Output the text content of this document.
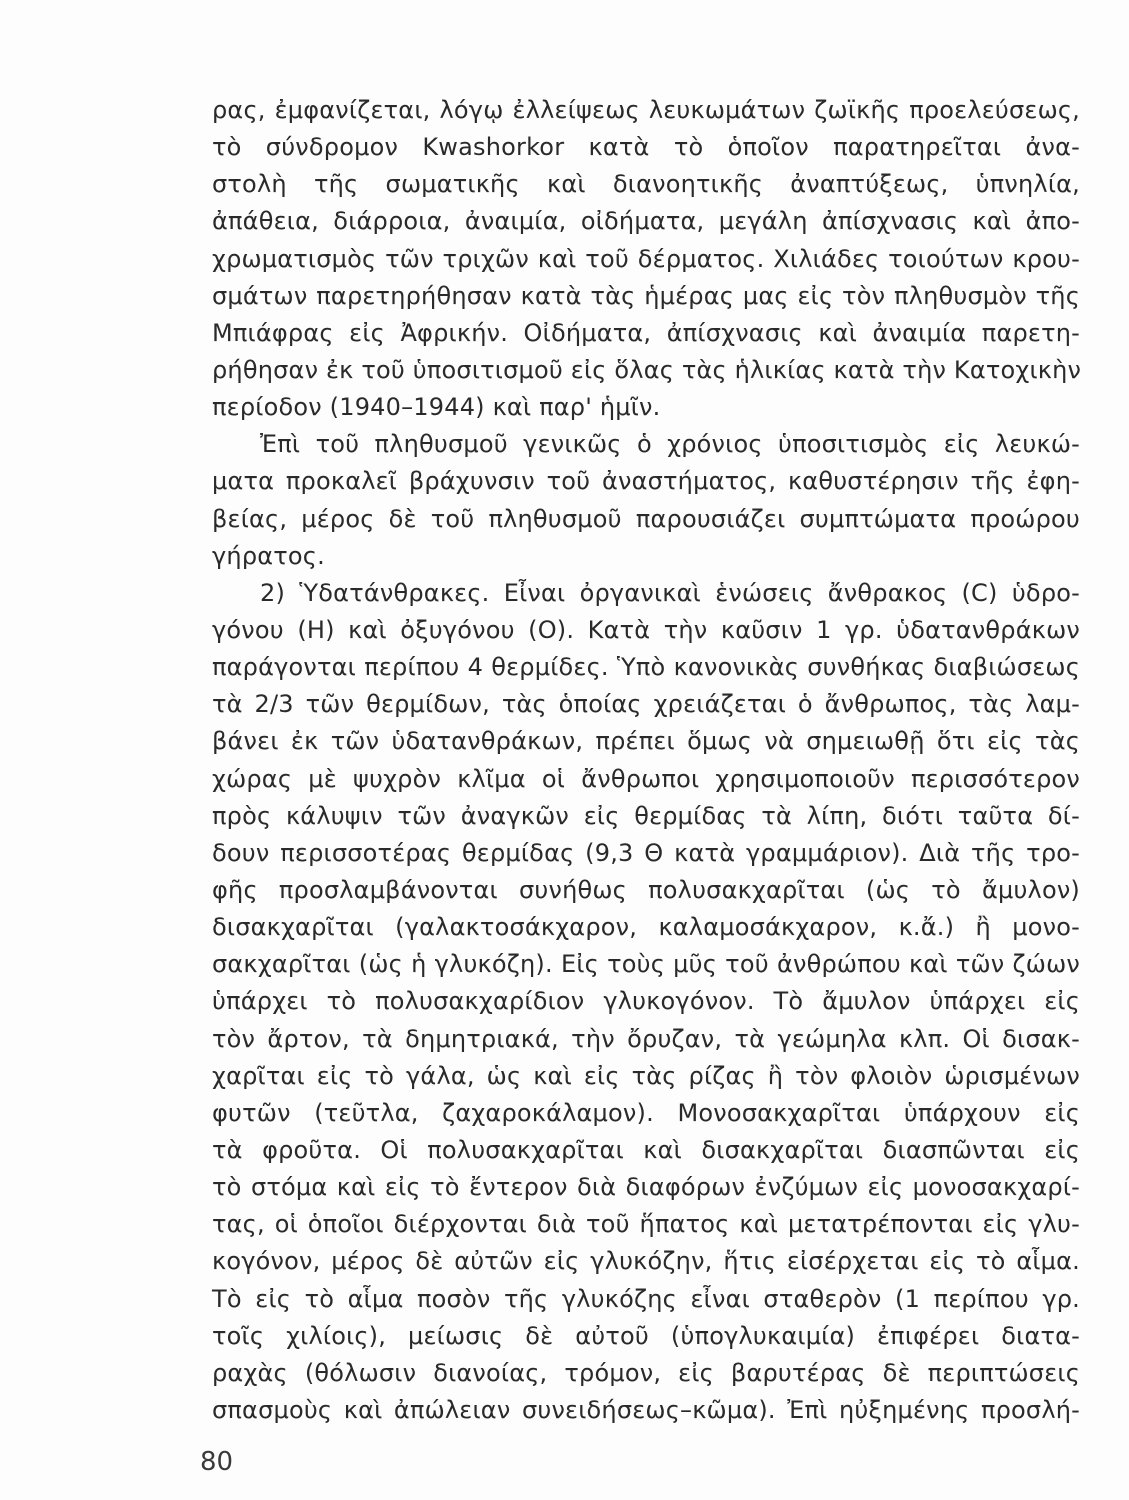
ρας, ἐμφανίζεται, λόγῳ ἐλλείψεως λευκωμάτων ζωϊκῆς προελεύσεως,
τὸ σύνδρομον Kwashorkor κατὰ τὸ ὁποῖον παρατηρεῖται ἀνα-
στολὴ τῆς σωματικῆς καὶ διανοητικῆς ἀναπτύξεως, ὑπνηλία,
ἀπάθεια, διάρροια, ἀναιμία, οἰδήματα, μεγάλη ἀπίσχνασις καὶ ἀπο-
χρωματισμὸς τῶν τριχῶν καὶ τοῦ δέρματος. Χιλιάδες τοιούτων κρου-
σμάτων παρετηρήθησαν κατὰ τὰς ἡμέρας μας εἰς τὸν πληθυσμὸν τῆς
Μπιάφρας εἰς Ἀφρικήν. Οἰδήματα, ἀπίσχνασις καὶ ἀναιμία παρετη-
ρήθησαν ἐκ τοῦ ὑποσιτισμοῦ εἰς ὅλας τὰς ἡλικίας κατὰ τὴν Κατοχικὴν
περίοδον (1940–1944) καὶ παρ' ἡμῖν.
Ἐπὶ τοῦ πληθυσμοῦ γενικῶς ὁ χρόνιος ὑποσιτισμὸς εἰς λευκώ-
ματα προκαλεῖ βράχυνσιν τοῦ ἀναστήματος, καθυστέρησιν τῆς ἐφη-
βείας, μέρος δὲ τοῦ πληθυσμοῦ παρουσιάζει συμπτώματα προώρου
γήρατος.
2) Ὑδατάνθρακες. Εἶναι ὀργανικαὶ ἑνώσεις ἄνθρακος (C) ὑδρο-
γόνου (H) καὶ ὀξυγόνου (O). Κατὰ τὴν καῦσιν 1 γρ. ὑδατανθράκων
παράγονται περίπου 4 θερμίδες. Ὑπὸ κανονικὰς συνθήκας διαβιώσεως
τὰ 2/3 τῶν θερμίδων, τὰς ὁποίας χρειάζεται ὁ ἄνθρωπος, τὰς λαμ-
βάνει ἐκ τῶν ὑδατανθράκων, πρέπει ὅμως νὰ σημειωθῇ ὅτι εἰς τὰς
χώρας μὲ ψυχρὸν κλῖμα οἱ ἄνθρωποι χρησιμοποιοῦν περισσότερον
πρὸς κάλυψιν τῶν ἀναγκῶν εἰς θερμίδας τὰ λίπη, διότι ταῦτα δί-
δουν περισσοτέρας θερμίδας (9,3 Θ κατὰ γραμμάριον). Διὰ τῆς τρο-
φῆς προσλαμβάνονται συνήθως πολυσακχαρῖται (ὡς τὸ ἄμυλον)
δισακχαρῖται (γαλακτοσάκχαρον, καλαμοσάκχαρον, κ.ἄ.) ἢ μονο-
σακχαρῖται (ὡς ἡ γλυκόζη). Εἰς τοὺς μῦς τοῦ ἀνθρώπου καὶ τῶν ζώων
ὑπάρχει τὸ πολυσακχαρίδιον γλυκογόνον. Τὸ ἄμυλον ὑπάρχει εἰς
τὸν ἄρτον, τὰ δημητριακά, τὴν ὄρυζαν, τὰ γεώμηλα κλπ. Οἱ δισακ-
χαρῖται εἰς τὸ γάλα, ὡς καὶ εἰς τὰς ρίζας ἢ τὸν φλοιὸν ὡρισμένων
φυτῶν (τεῦτλα, ζαχαροκάλαμον). Μονοσακχαρῖται ὑπάρχουν εἰς
τὰ φροῦτα. Οἱ πολυσακχαρῖται καὶ δισακχαρῖται διασπῶνται εἰς
τὸ στόμα καὶ εἰς τὸ ἔντερον διὰ διαφόρων ἐνζύμων εἰς μονοσακχαρί-
τας, οἱ ὁποῖοι διέρχονται διὰ τοῦ ἥπατος καὶ μετατρέπονται εἰς γλυ-
κογόνον, μέρος δὲ αὐτῶν εἰς γλυκόζην, ἥτις εἰσέρχεται εἰς τὸ αἷμα.
Τὸ εἰς τὸ αἷμα ποσὸν τῆς γλυκόζης εἶναι σταθερὸν (1 περίπου γρ.
τοῖς χιλίοις), μείωσις δὲ αὐτοῦ (ὑπογλυκαιμία) ἐπιφέρει διατα-
ραχὰς (θόλωσιν διανοίας, τρόμον, εἰς βαρυτέρας δὲ περιπτώσεις
σπασμοὺς καὶ ἀπώλειαν συνειδήσεως–κῶμα). Ἐπὶ ηὐξημένης προσλή-
80
